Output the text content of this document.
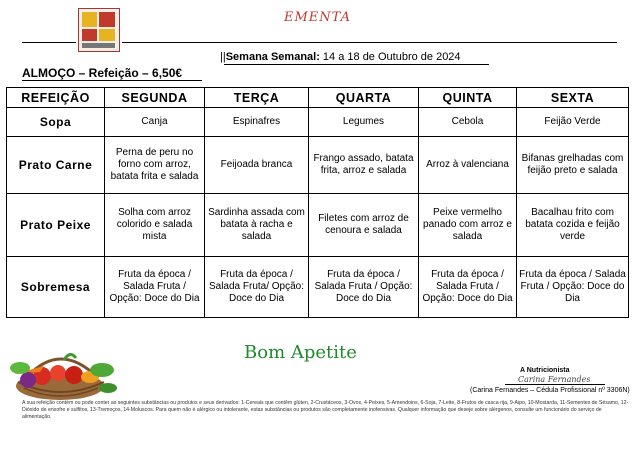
EMENTA
||Semana Semanal: 14 a 18 de Outubro de 2024
ALMOÇO – Refeição – 6,50€
REFEIÇÃO	SEGUNDA	TERÇA	QUARTA	QUINTA	SEXTA
Sopa	Canja	Espinafres	Legumes	Cebola	Feijão Verde
Prato Carne	Perna de peru no forno com arroz, batata frita e salada	Feijoada branca	Frango assado, batata frita, arroz e salada	Arroz à valenciana	Bifanas grelhadas com feijão preto e salada
Prato Peixe	Solha com arroz colorido e salada mista	Sardinha assada com batata à racha e salada	Filetes com arroz de cenoura e salada	Peixe vermelho panado com arroz e salada	Bacalhau frito com batata cozida e feijão verde
Sobremesa	Fruta da época / Salada Fruta / Opção: Doce do Dia	Fruta da época / Salada Fruta/ Opção: Doce do Dia	Fruta da época / Salada Fruta / Opção: Doce do Dia	Fruta da época / Salada Fruta / Opção: Doce do Dia	Fruta da época / Salada Fruta / Opção: Doce do Dia
Bom Apetite
A Nutricionista
Carina Fernandes
(Carina Fernandes – Cédula Profissional nº 3306N)
A sua refeição contém ou pode conter as seguintes substâncias ou produtos e seus derivados: 1-Cereais que contêm glúten, 2-Crustáceos, 3-Ovos, 4-Peixes, 5-Amendoins, 6-Soja, 7-Leite, 8-Frutos de casca rija, 9-Aipo, 10-Mostarda, 11-Sementes de Sésamo, 12-Dióxido de enxofre e sulfitos, 13-Tremoços, 14-Moluscos. Para quem não é alérgico ou intolerante, estas substâncias ou produtos são completamente inofensivas. Qualquer informação que deseje sobre alérgenos, consulte um funcionário do serviço de alimentação.
